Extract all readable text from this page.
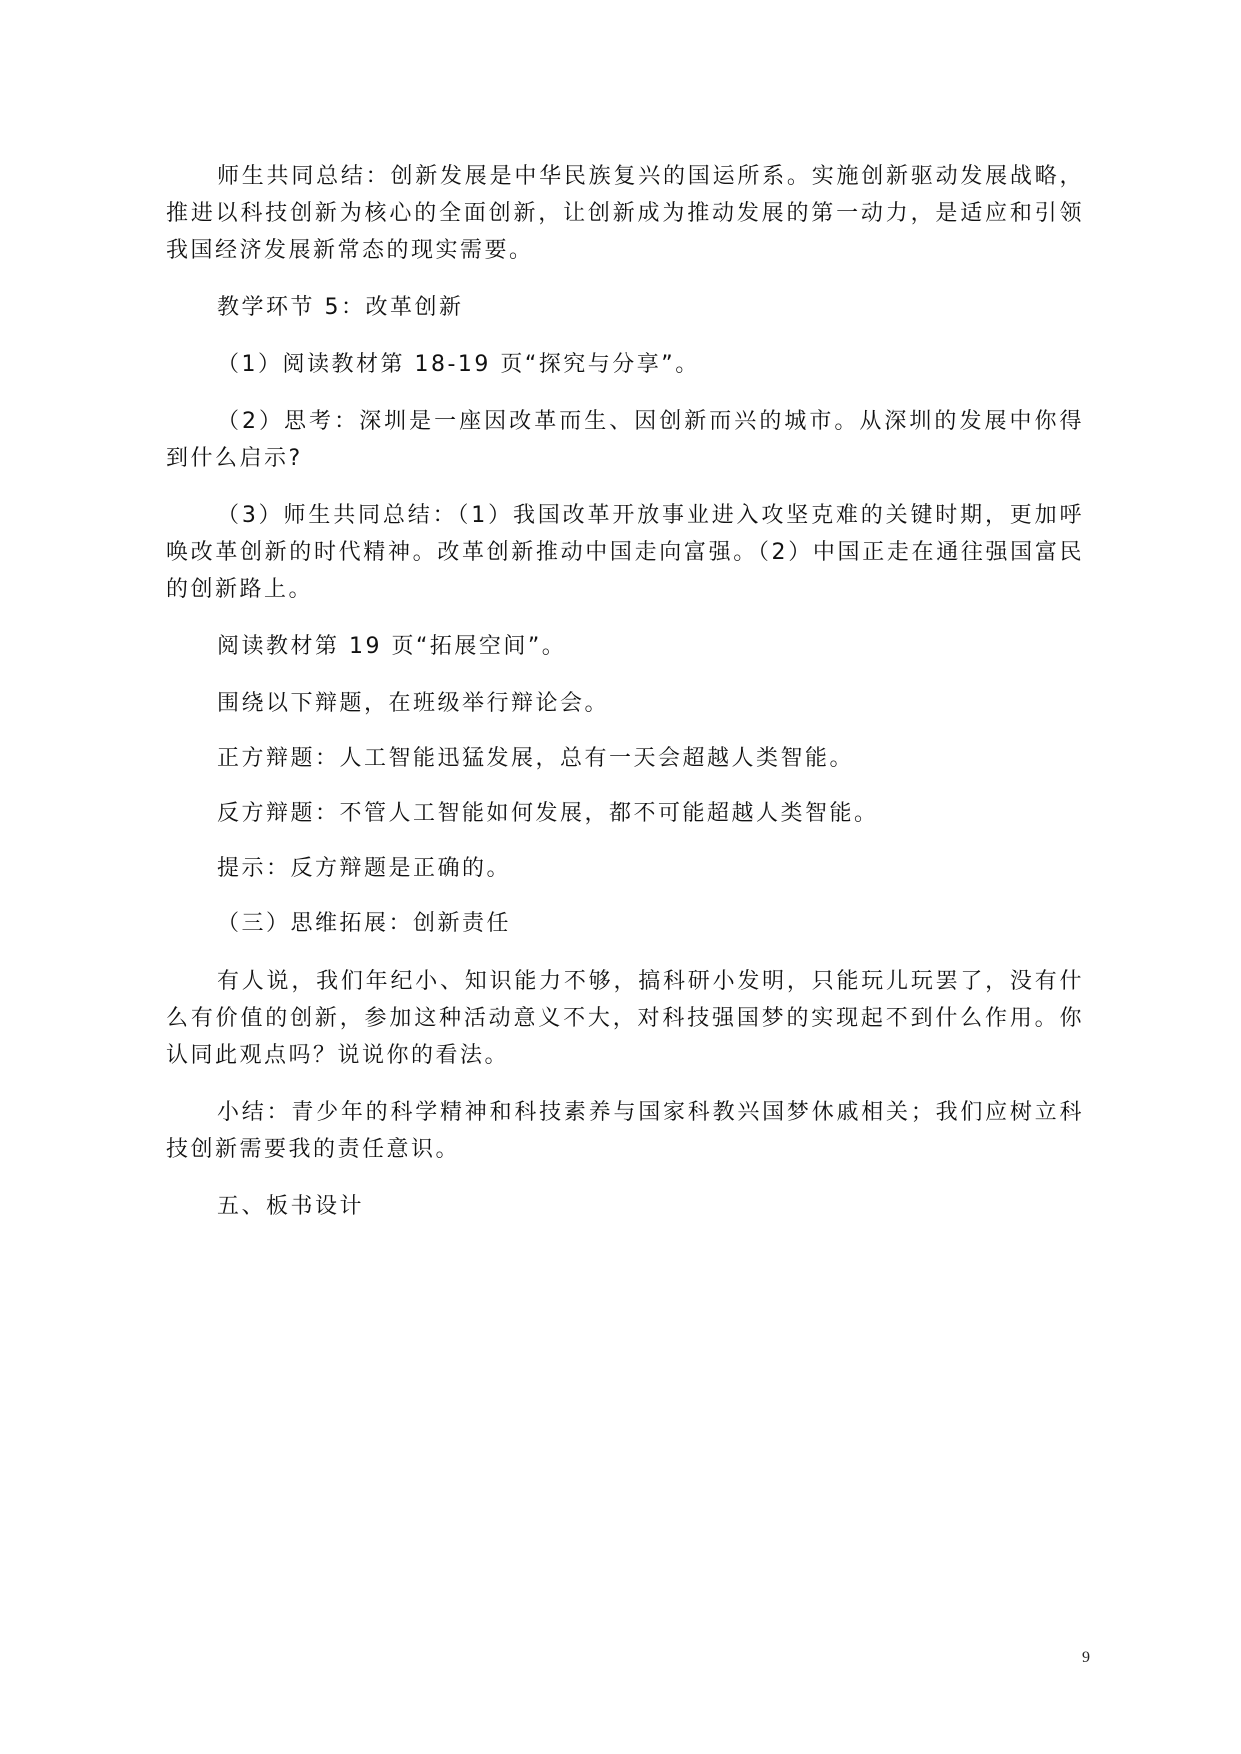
师生共同总结：创新发展是中华民族复兴的国运所系。实施创新驱动发展战略，推进以科技创新为核心的全面创新，让创新成为推动发展的第一动力，是适应和引领我国经济发展新常态的现实需要。

教学环节 5：改革创新

（1）阅读教材第 18-19 页“探究与分享”。

（2）思考：深圳是一座因改革而生、因创新而兴的城市。从深圳的发展中你得到什么启示?

（3）师生共同总结：（1）我国改革开放事业进入攻坚克难的关键时期，更加呼唤改革创新的时代精神。改革创新推动中国走向富强。（2）中国正走在通往强国富民的创新路上。

阅读教材第 19 页“拓展空间”。

围绕以下辩题，在班级举行辩论会。

正方辩题：人工智能迅猛发展，总有一天会超越人类智能。

反方辩题：不管人工智能如何发展，都不可能超越人类智能。

提示：反方辩题是正确的。

（三）思维拓展：创新责任

有人说，我们年纪小、知识能力不够，搞科研小发明，只能玩儿玩罢了，没有什么有价值的创新，参加这种活动意义不大，对科技强国梦的实现起不到什么作用。你认同此观点吗？说说你的看法。

小结：青少年的科学精神和科技素养与国家科教兴国梦休戚相关；我们应树立科技创新需要我的责任意识。

五、板书设计

9
